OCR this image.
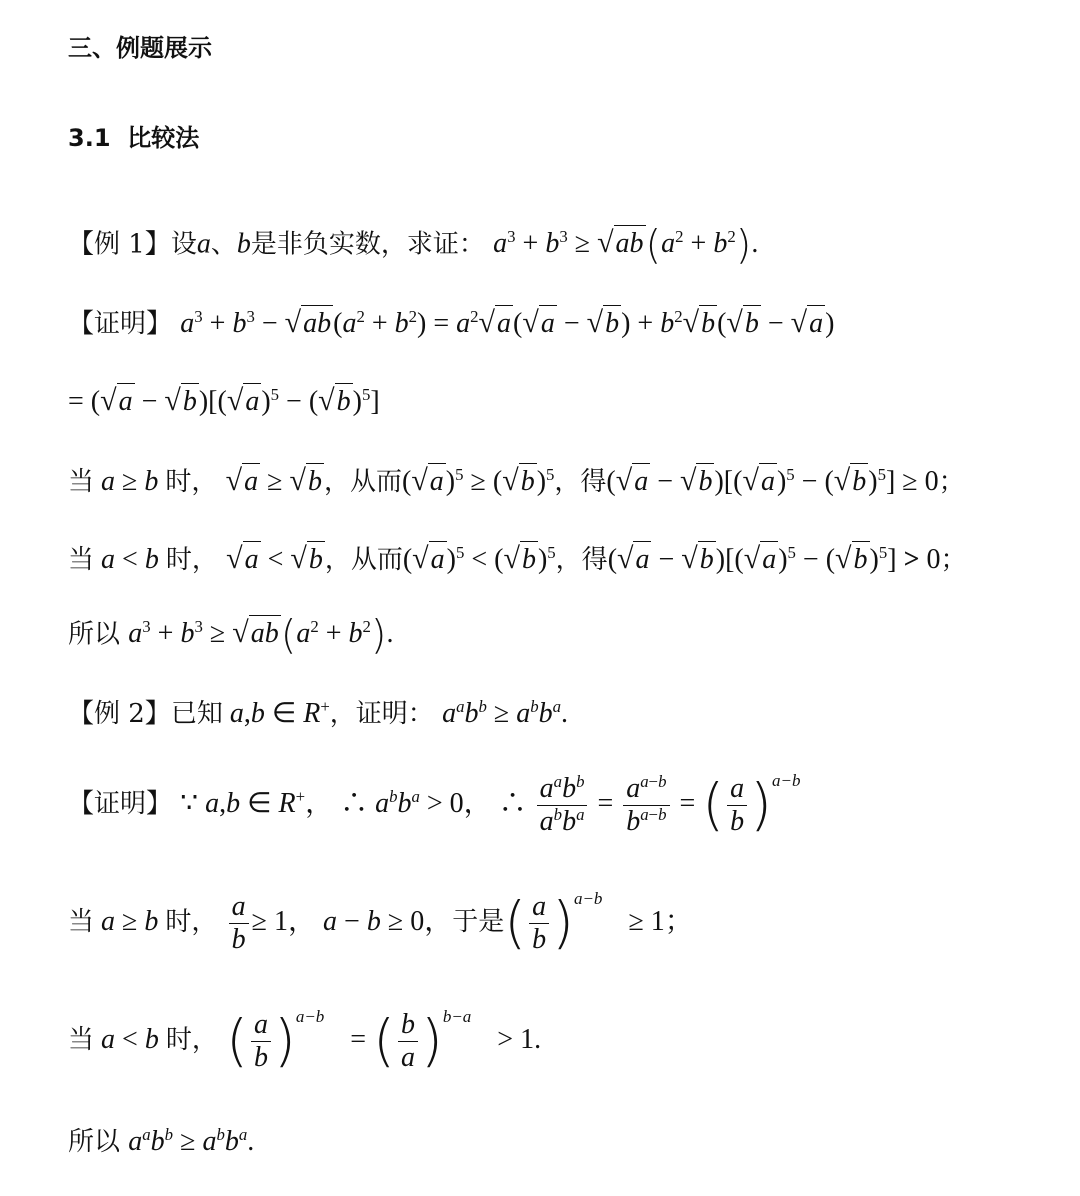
三、例题展示
3.1 比较法
【例 1】设a、b是非负实数，求证： $a^3 + b^3 \ge √ab(a^2 + b^2)$.
【证明】 $a^3 + b^3 - √ab(a^2 + b^2) = a^2√a(√a - √b) + b^2√b(√b - √a)$
= $(√a - √b)[(√a)^5 - (√b)^5]$
当 a ≥ b 时， √a ≥ √b，从而$(√a)^5 \ge (√b)^5$，得$(√a - √b)[(√a)^5 - (√b)^5] \ge 0$；
当 a < b 时， √a < √b，从而$(√a)^5 < (√b)^5$，得$(√a - √b)[(√a)^5 - (√b)^5] > 0$；
所以 $a^3 + b^3 \ge √ab(a^2 + b^2)$.
【例 2】已知 a,b ∈ R+，证明： $a^ab^b \ge a^bb^a$.
【证明】 ∵ a,b ∈ R+， ∴ $a^bb^a > 0$， ∴ $a^ab^b$
$a^bb^a = \frac{a^{a-b}}{b^{a-b}}$ = ( $\frac{a}{b} )a-b$
当 a ≥ b 时， $\frac{a}{b} \ge 1$， a − b ≥ 0，于是( $\frac{a}{b} )a-b\ge 1$；
当 a < b 时， ( $\frac{a}{b} )a-b=$ ( $\frac{b}{a} )b-a> 1$.
所以 $a^ab^b \ge a^bb^a$.
